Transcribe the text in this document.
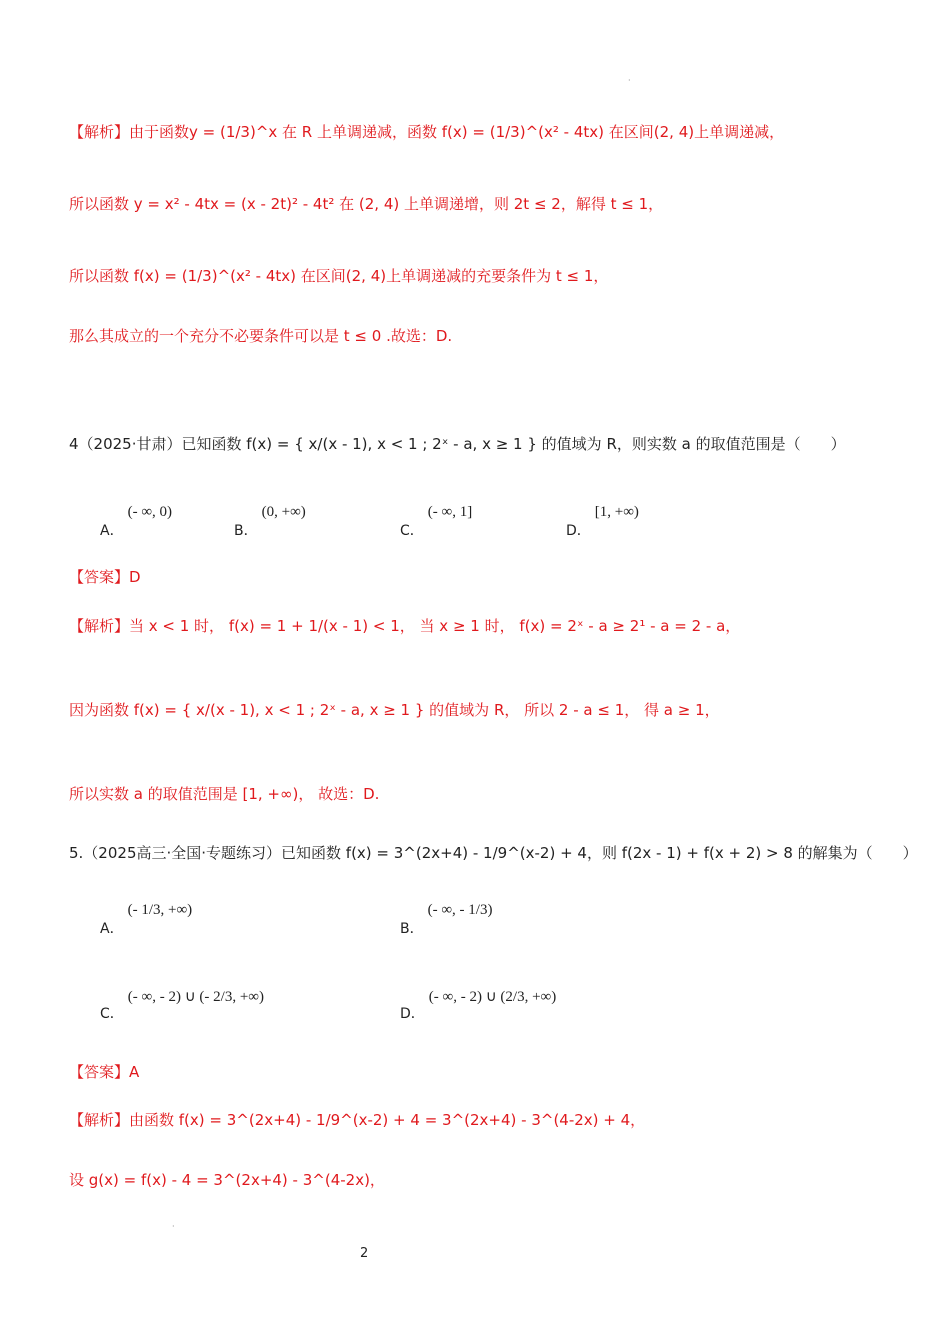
【解析】由于函数y = (1/3)^x 在 R 上单调递减，函数 f(x) = (1/3)^(x² - 4tx) 在区间(2, 4)上单调递减，
所以函数 y = x² - 4tx = (x - 2t)² - 4t² 在 (2, 4) 上单调递增，则 2t ≤ 2，解得 t ≤ 1，
所以函数 f(x) = (1/3)^(x² - 4tx) 在区间(2, 4)上单调递减的充要条件为 t ≤ 1，
那么其成立的一个充分不必要条件可以是 t ≤ 0 .故选：D.
4（2025·甘肃）已知函数 f(x) = { x/(x - 1), x < 1 ; 2ˣ - a, x ≥ 1 } 的值域为 R，则实数 a 的取值范围是（　　）
A．(- ∞, 0)
B．(0, +∞)
C．(- ∞, 1]
D．[1, +∞)
【答案】D
【解析】当 x < 1 时， f(x) = 1 + 1/(x - 1) < 1， 当 x ≥ 1 时， f(x) = 2ˣ - a ≥ 2¹ - a = 2 - a，
因为函数 f(x) = { x/(x - 1), x < 1 ; 2ˣ - a, x ≥ 1 } 的值域为 R， 所以 2 - a ≤ 1， 得 a ≥ 1，
所以实数 a 的取值范围是 [1, +∞)， 故选：D.
5.（2025高三·全国·专题练习）已知函数 f(x) = 3^(2x+4) - 1/9^(x-2) + 4，则 f(2x - 1) + f(x + 2) > 8 的解集为（　　）
A．(- 1/3, +∞)
B．(- ∞, - 1/3)
C．(- ∞, - 2) ∪ (- 2/3, +∞)
D．(- ∞, - 2) ∪ (2/3, +∞)
【答案】A
【解析】由函数 f(x) = 3^(2x+4) - 1/9^(x-2) + 4 = 3^(2x+4) - 3^(4-2x) + 4，
设 g(x) = f(x) - 4 = 3^(2x+4) - 3^(4-2x)，
·
·
2
